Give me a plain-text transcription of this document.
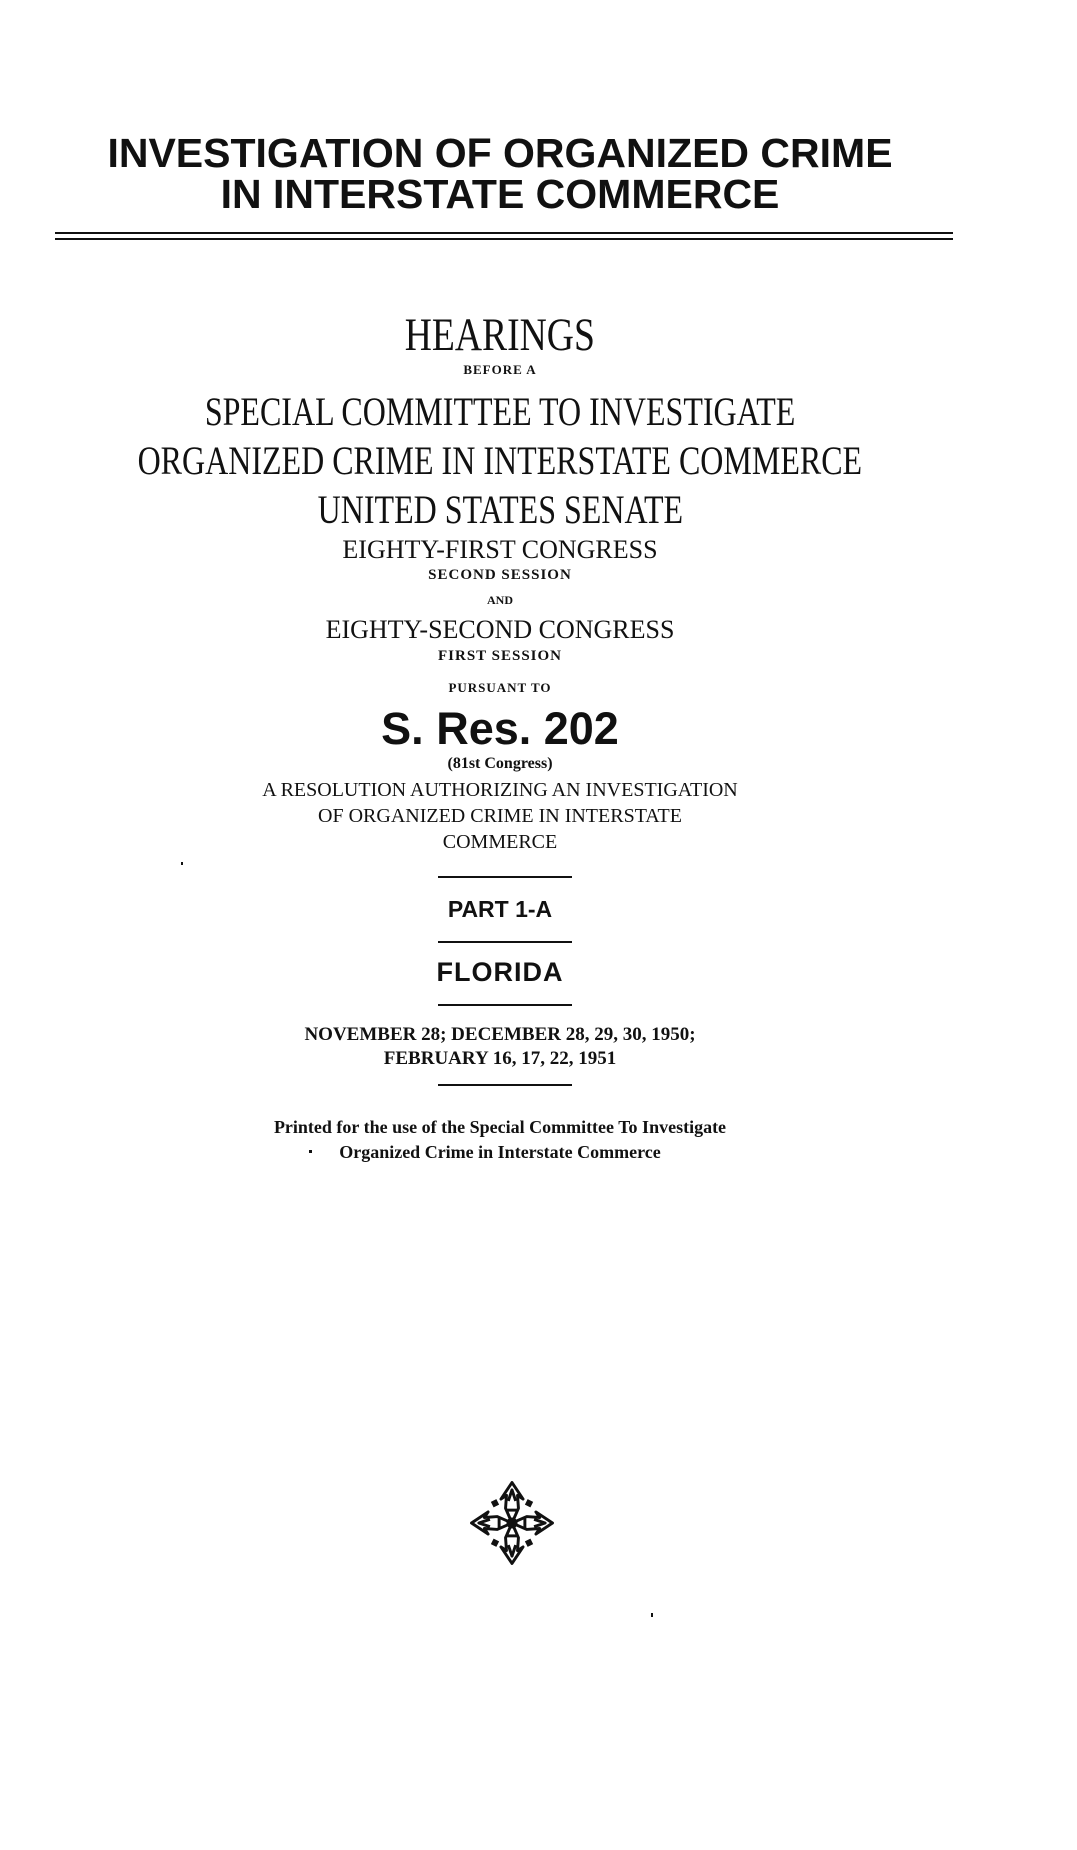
INVESTIGATION OF ORGANIZED CRIME
IN INTERSTATE COMMERCE
HEARINGS
BEFORE A
SPECIAL COMMITTEE TO INVESTIGATE
ORGANIZED CRIME IN INTERSTATE COMMERCE
UNITED STATES SENATE
EIGHTY-FIRST CONGRESS
SECOND SESSION
AND
EIGHTY-SECOND CONGRESS
FIRST SESSION
PURSUANT TO
S. Res. 202
(81st Congress)
A RESOLUTION AUTHORIZING AN INVESTIGATION
OF ORGANIZED CRIME IN INTERSTATE
COMMERCE
PART 1-A
FLORIDA
NOVEMBER 28; DECEMBER 28, 29, 30, 1950;
FEBRUARY 16, 17, 22, 1951
Printed for the use of the Special Committee To Investigate
Organized Crime in Interstate Commerce
